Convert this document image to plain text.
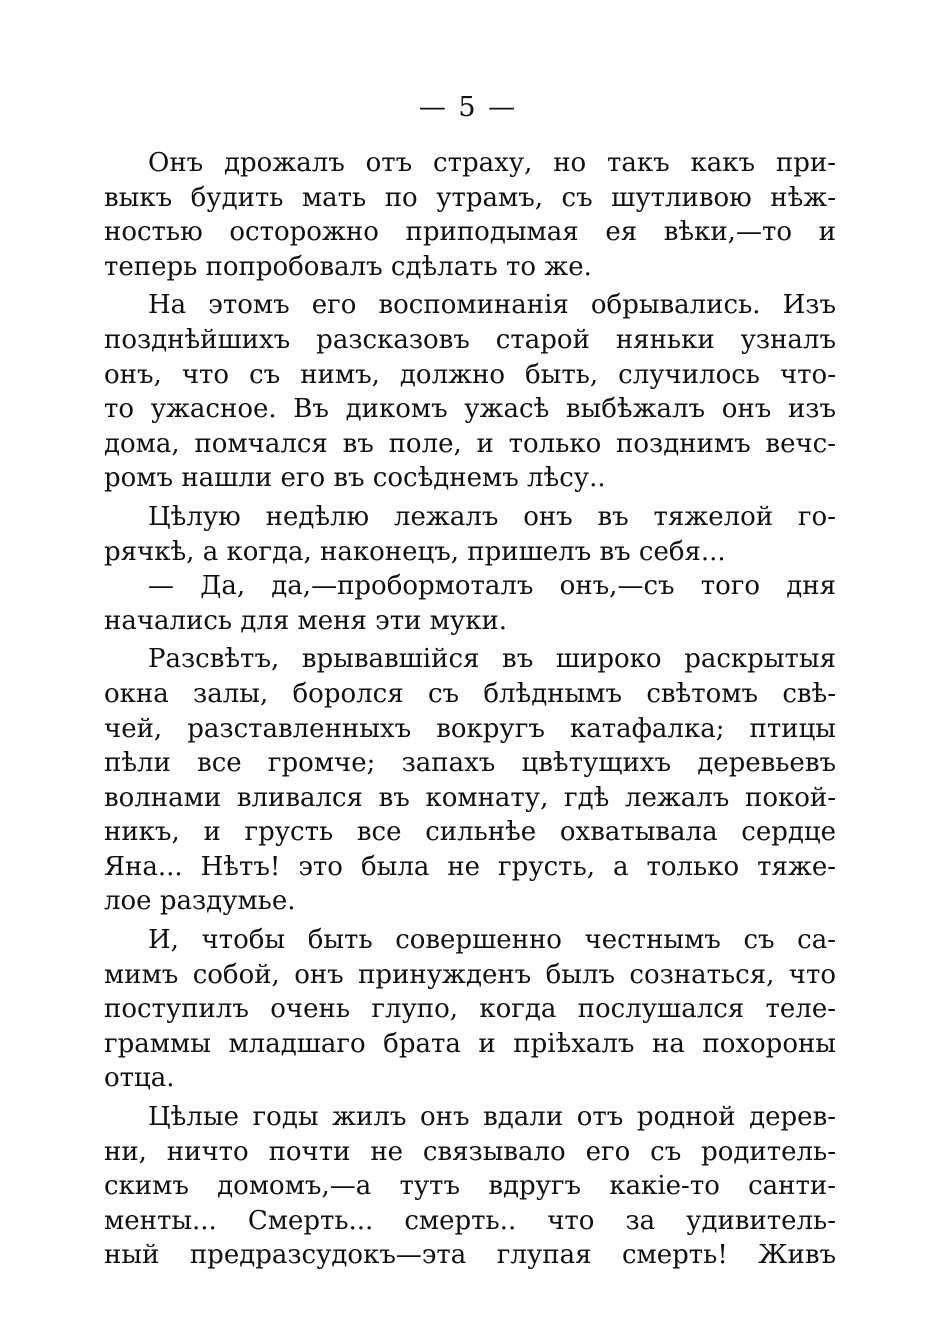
— 5 —
Онъ дрожалъ отъ страху, но такъ какъ при-
выкъ будить мать по утрамъ, съ шутливою нѣж-
ностью осторожно приподымая ея вѣки,—то и
теперь попробовалъ сдѣлать то же.
На этомъ его воспоминанія обрывались. Изъ
позднѣйшихъ разсказовъ старой няньки узналъ
онъ, что съ нимъ, должно быть, случилось что-
то ужасное. Въ дикомъ ужасѣ выбѣжалъ онъ изъ
дома, помчался въ поле, и только позднимъ вечс-
ромъ нашли его въ сосѣднемъ лѣсу..
Цѣлую недѣлю лежалъ онъ въ тяжелой го-
рячкѣ, а когда, наконецъ, пришелъ въ себя...
— Да, да,—пробормоталъ онъ,—съ того дня
начались для меня эти муки.
Разсвѣтъ, врывавшійся въ широко раскрытыя
окна залы, боролся съ блѣднымъ свѣтомъ свѣ-
чей, разставленныхъ вокругъ катафалка; птицы
пѣли все громче; запахъ цвѣтущихъ деревьевъ
волнами вливался въ комнату, гдѣ лежалъ покой-
никъ, и грусть все сильнѣе охватывала сердце
Яна... Нѣтъ! это была не грусть, а только тяже-
лое раздумье.
И, чтобы быть совершенно честнымъ съ са-
мимъ собой, онъ принужденъ былъ сознаться, что
поступилъ очень глупо, когда послушался теле-
граммы младшаго брата и пріѣхалъ на похороны
отца.
Цѣлые годы жилъ онъ вдали отъ родной дерев-
ни, ничто почти не связывало его съ родитель-
скимъ домомъ,—а тутъ вдругъ какіе-то санти-
менты... Смерть... смерть.. что за удивитель-
ный предразсудокъ—эта глупая смерть! Живъ
